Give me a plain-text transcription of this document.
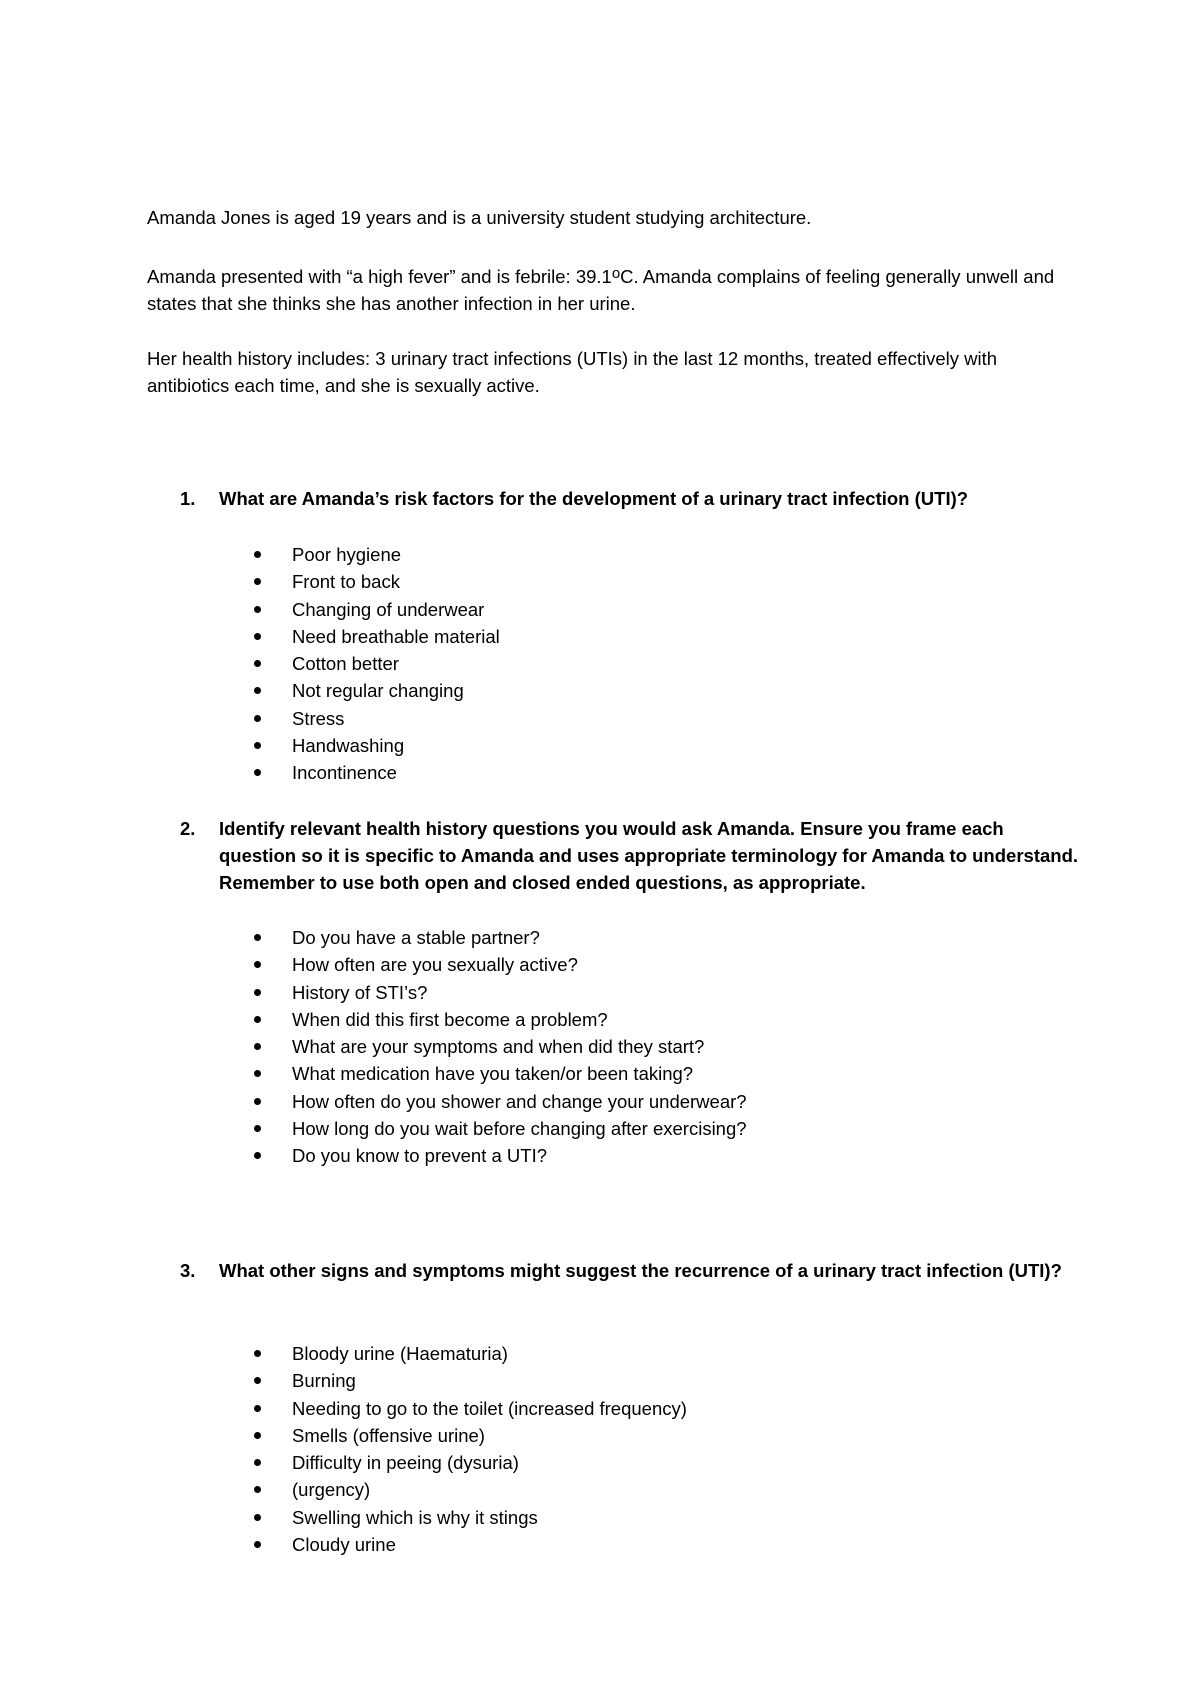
Amanda Jones is aged 19 years and is a university student studying architecture.

Amanda presented with “a high fever” and is febrile: 39.1$^o$C. Amanda complains of feeling generally unwell and states that she thinks she has another infection in her urine.

Her health history includes: 3 urinary tract infections (UTIs) in the last 12 months, treated effectively with antibiotics each time, and she is sexually active.

1. What are Amanda’s risk factors for the development of a urinary tract infection (UTI)?

Poor hygiene
Front to back
Changing of underwear
Need breathable material
Cotton better
Not regular changing
Stress
Handwashing
Incontinence
2. Identify relevant health history questions you would ask Amanda. Ensure you frame each question so it is specific to Amanda and uses appropriate terminology for Amanda to understand. Remember to use both open and closed ended questions, as appropriate.

Do you have a stable partner?
How often are you sexually active?
History of STI’s?
When did this first become a problem?
What are your symptoms and when did they start?
What medication have you taken/or been taking?
How often do you shower and change your underwear?
How long do you wait before changing after exercising?
Do you know to prevent a UTI?
3. What other signs and symptoms might suggest the recurrence of a urinary tract infection (UTI)?

Bloody urine (Haematuria)
Burning
Needing to go to the toilet (increased frequency)
Smells (offensive urine)
Difficulty in peeing (dysuria)
(urgency)
Swelling which is why it stings
Cloudy urine
